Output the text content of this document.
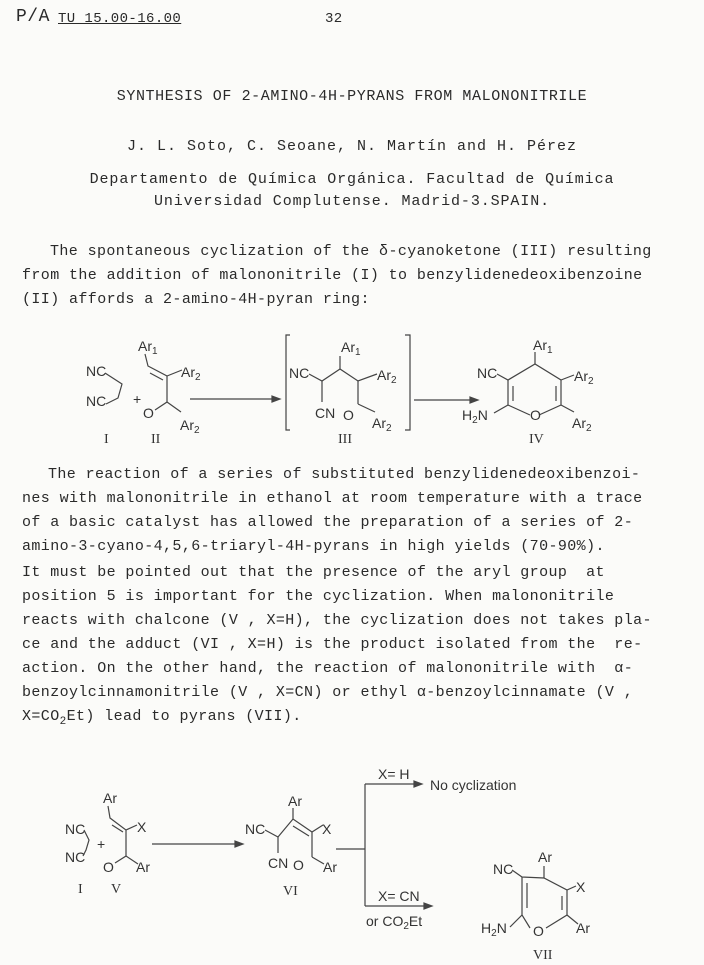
P/A TU 15.00-16.00	32
SYNTHESIS OF 2-AMINO-4H-PYRANS FROM MALONONITRILE
J. L. Soto, C. Seoane, N. Martín and H. Pérez
Departamento de Química Orgánica. Facultad de Química
Universidad Complutense. Madrid-3.SPAIN.
The spontaneous cyclization of the δ-cyanoketone (III) resulting
from the addition of malononitrile (I) to benzylidenedeoxibenzoine
(II) affords a 2-amino-4H-pyran ring:
The reaction of a series of substituted benzylidenedeoxibenzoi-
nes with malononitrile in ethanol at room temperature with a trace
of a basic catalyst has allowed the preparation of a series of 2-
amino-3-cyano-4,5,6-triaryl-4H-pyrans in high yields (70-90%).
It must be pointed out that the presence of the aryl group  at
position 5 is important for the cyclization. When malononitrile
reacts with chalcone (V , X=H), the cyclization does not takes pla-
ce and the adduct (VI , X=H) is the product isolated from the  re-
action. On the other hand, the reaction of malononitrile with  α-
benzoylcinnamonitrile (V , X=CN) or ethyl α-benzoylcinnamate (V ,
$X=CO_2Et$) lead to pyrans (VII).
NC
NC +
$Ar_1$
$Ar_2$
O
$Ar_2$
I	II
NC
$Ar_1$
$Ar_2$
CN O $Ar_2$
III
NC
$Ar_1$
$Ar_2$
$H_2N$	O $Ar_2$
IV
NC
NC
+
Ar
X
O Ar
I V
NC
Ar
X
CN O Ar
VI
X= H
No cyclization
X= CN
or $CO_2Et$
Ar
NC
X
$H_2N$ O Ar
VII
